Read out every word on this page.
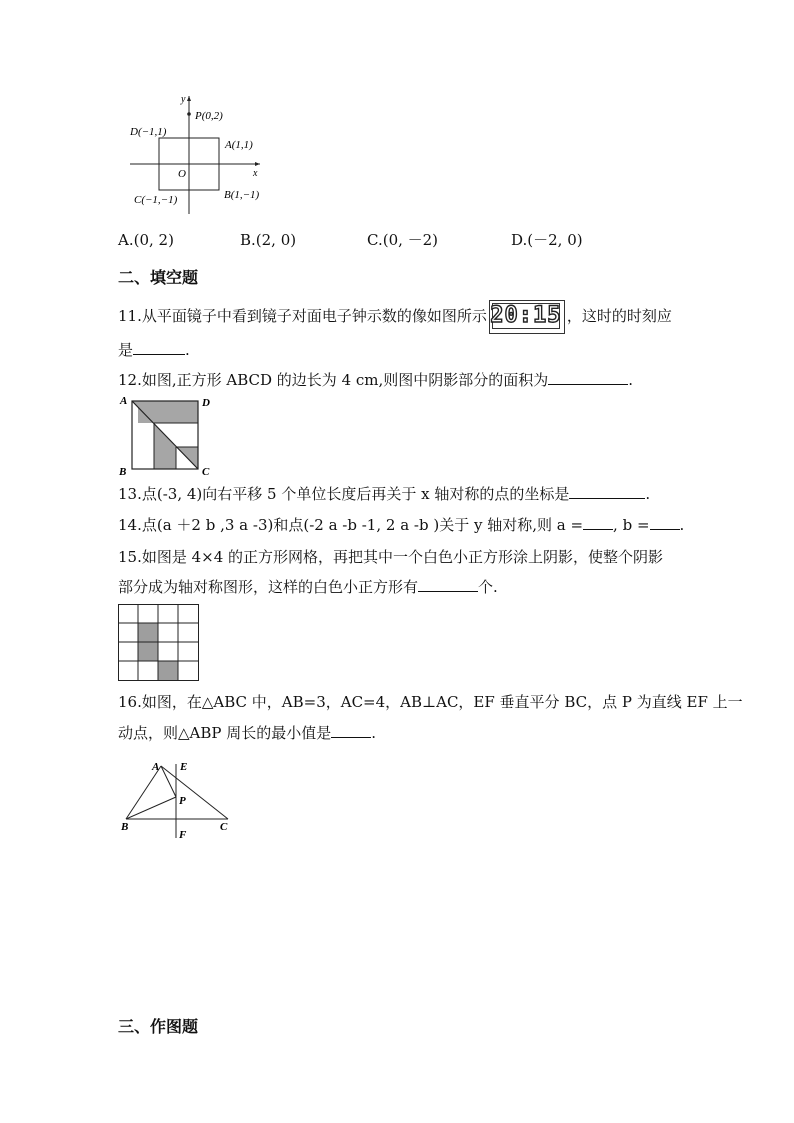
y
x
O
P(0,2)
D(−1,1)
A(1,1)
C(−1,−1)	B(1,−1)
A.(0, 2)	B.(2, 0)	C.(0, －2)	D.(－2, 0)
二、填空题
11.从平面镜子中看到镜子对面电子钟示数的像如图所示 20:15 ，这时的时刻应
是	.
12.如图,正方形 ABCD 的边长为 4 cm,则图中阴影部分的面积为	.
A	D
B	C
13.点(-3, 4)向右平移 5 个单位长度后再关于 x 轴对称的点的坐标是	.
14.点(a ＋2 b ,3 a -3)和点(-2 a -b -1, 2 a -b )关于 y 轴对称,则 a = , b = .
15.如图是 4×4 的正方形网格，再把其中一个白色小正方形涂上阴影，使整个阴影
部分成为轴对称图形，这样的白色小正方形有	个.
16.如图，在△ABC 中，AB=3，AC=4，AB⊥AC，EF 垂直平分 BC，点 P 为直线 EF 上一
动点，则△ABP 周长的最小值是	.
A E
P
B	C
F
三、作图题
